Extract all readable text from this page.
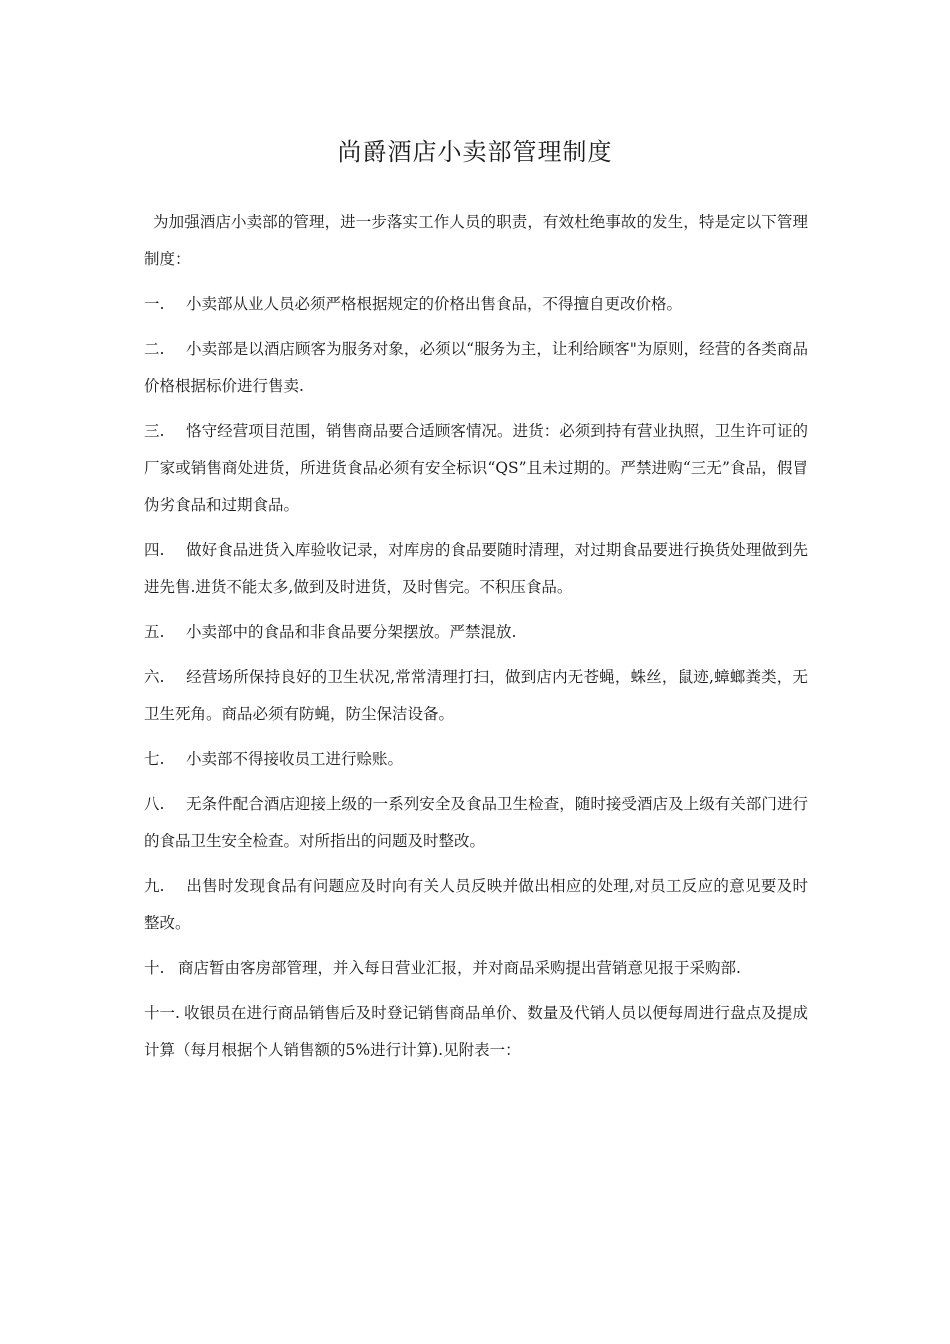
尚爵酒店小卖部管理制度

为加强酒店小卖部的管理，进一步落实工作人员的职责，有效杜绝事故的发生，特是定以下管理制度：

一. 小卖部从业人员必须严格根据规定的价格出售食品，不得擅自更改价格。

二. 小卖部是以酒店顾客为服务对象，必须以“服务为主，让利给顾客"为原则，经营的各类商品价格根据标价进行售卖.

三. 恪守经营项目范围，销售商品要合适顾客情况。进货：必须到持有营业执照，卫生许可证的厂家或销售商处进货，所进货食品必须有安全标识“QS”且未过期的。严禁进购“三无”食品，假冒伪劣食品和过期食品。

四. 做好食品进货入库验收记录，对库房的食品要随时清理，对过期食品要进行换货处理做到先进先售.进货不能太多,做到及时进货，及时售完。不积压食品。

五. 小卖部中的食品和非食品要分架摆放。严禁混放.

六. 经营场所保持良好的卫生状况,常常清理打扫，做到店内无苍蝇，蛛丝，鼠迹,蟑螂粪类，无卫生死角。商品必须有防蝇，防尘保洁设备。

七. 小卖部不得接收员工进行赊账。

八. 无条件配合酒店迎接上级的一系列安全及食品卫生检查，随时接受酒店及上级有关部门进行的食品卫生安全检查。对所指出的问题及时整改。

九. 出售时发现食品有问题应及时向有关人员反映并做出相应的处理,对员工反应的意见要及时整改。

十. 商店暂由客房部管理，并入每日营业汇报，并对商品采购提出营销意见报于采购部.

十一. 收银员在进行商品销售后及时登记销售商品单价、数量及代销人员以便每周进行盘点及提成计算（每月根据个人销售额的5%进行计算).见附表一：
